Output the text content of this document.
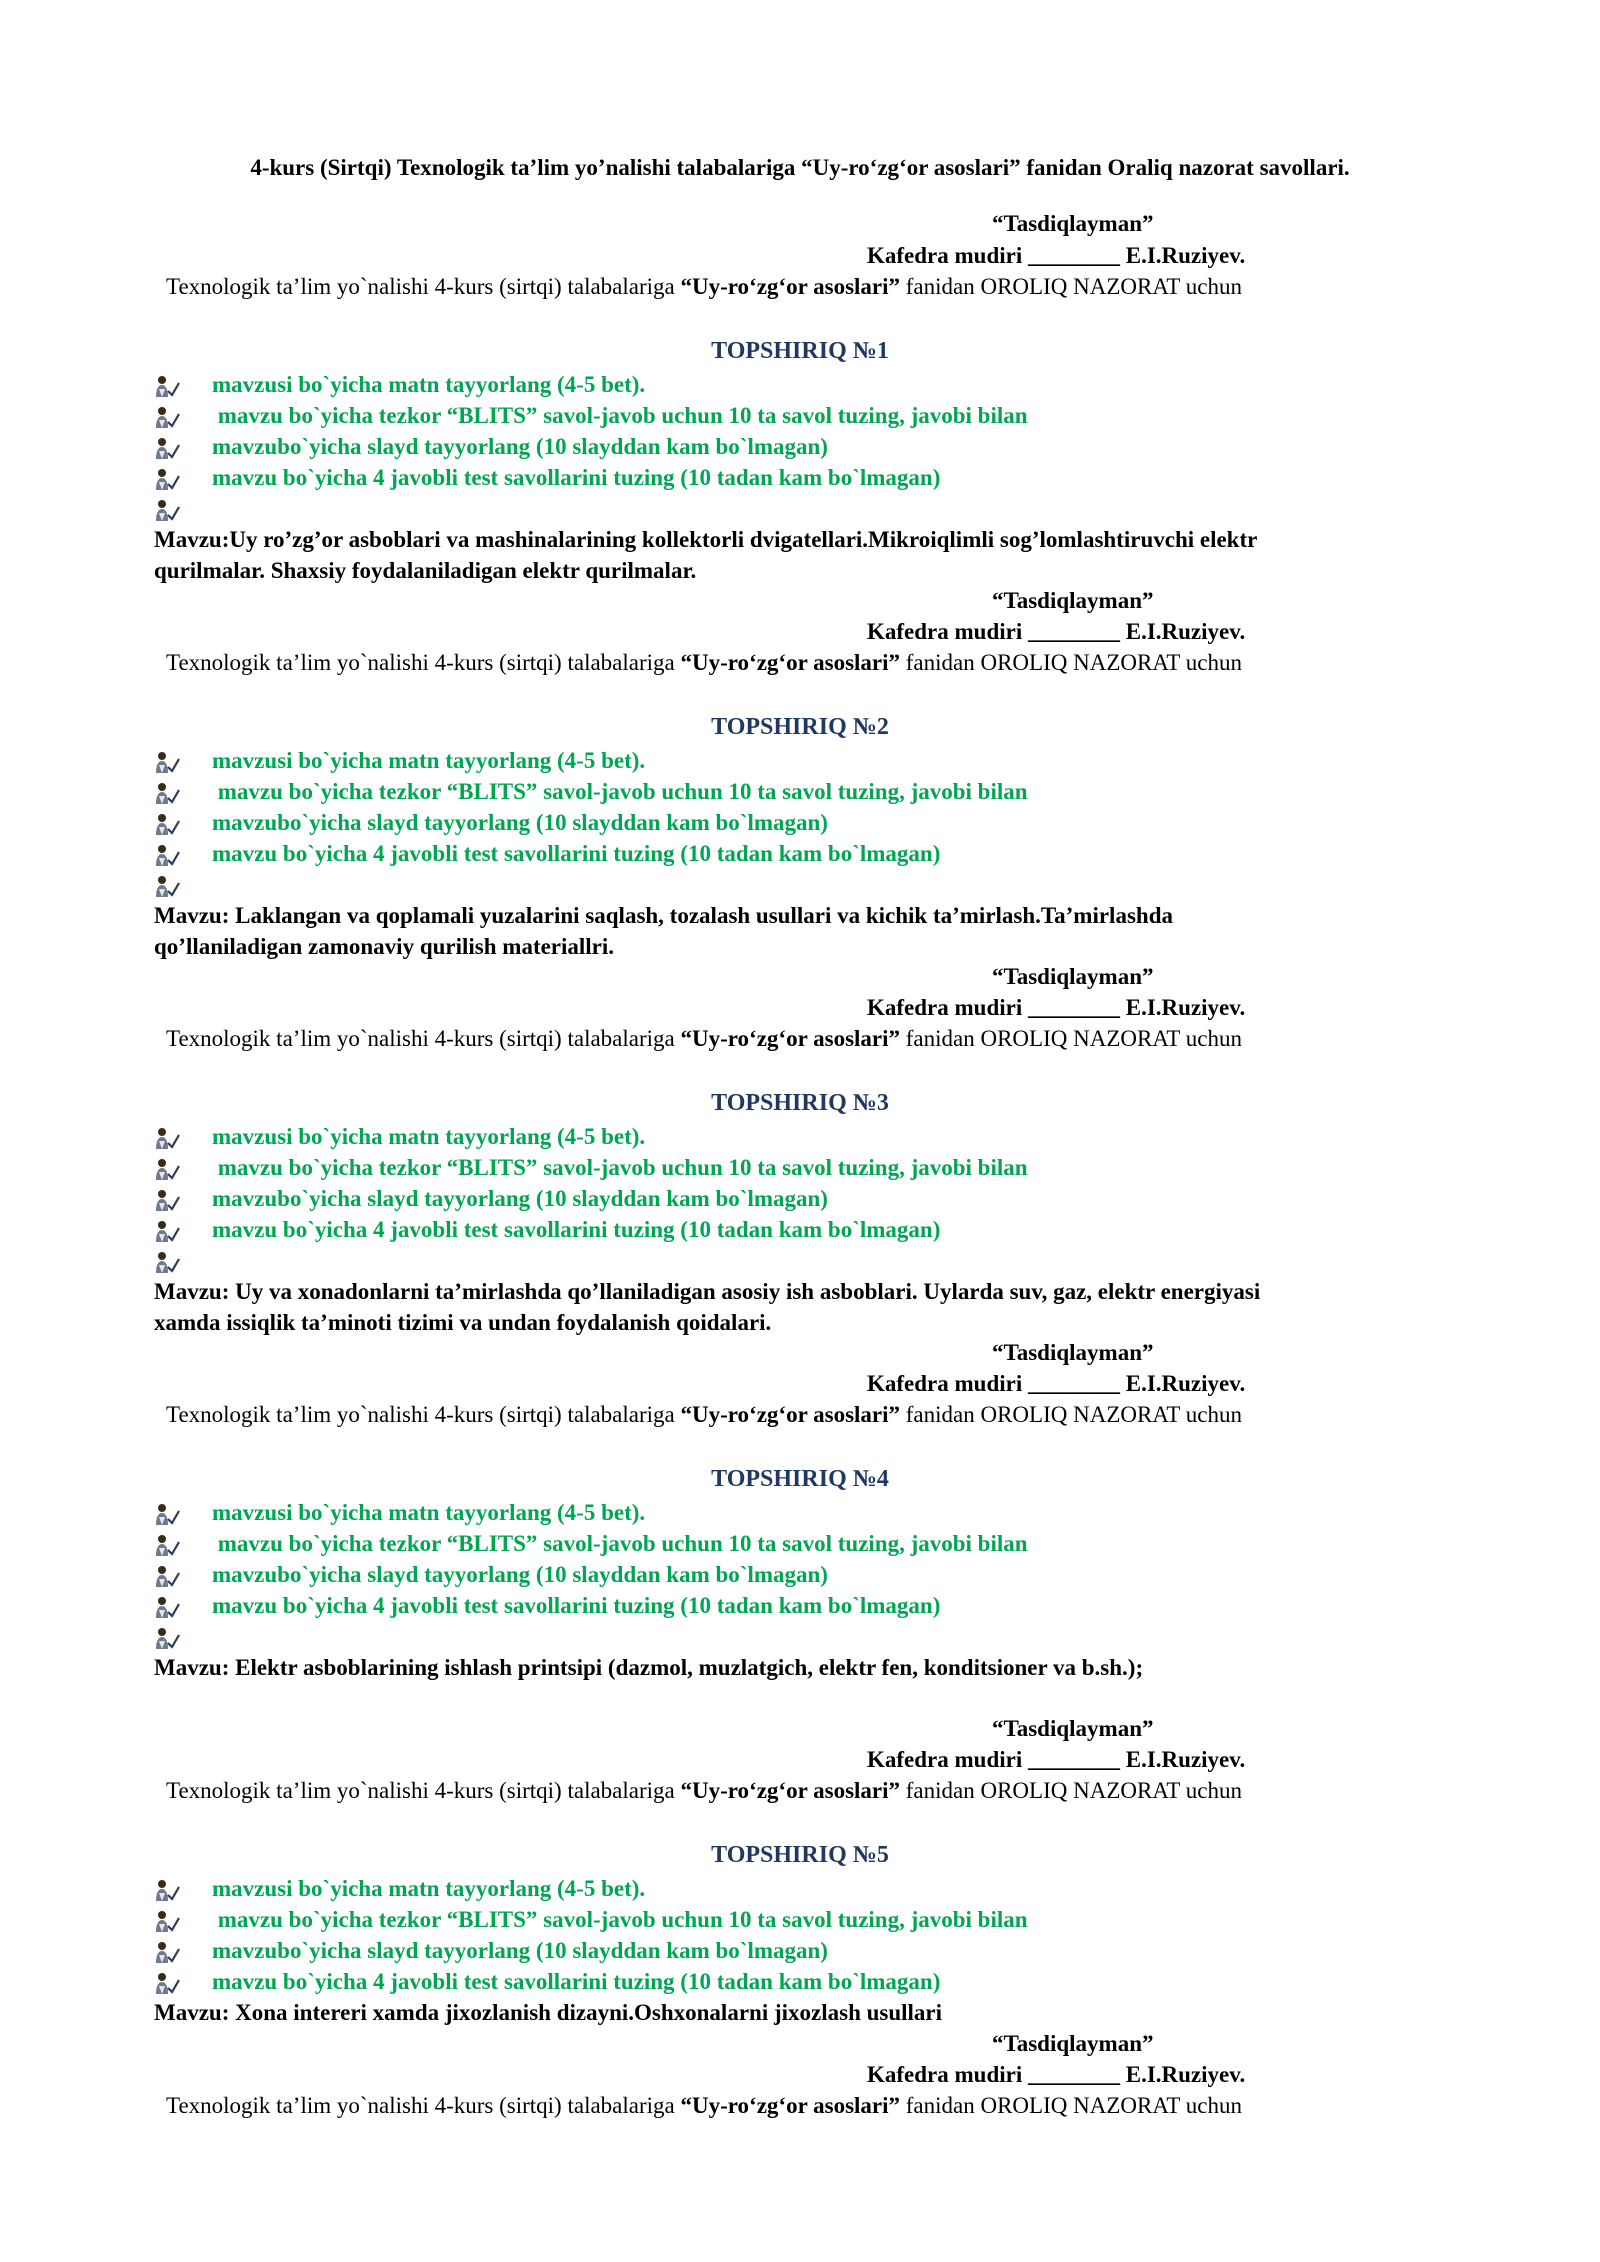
4-kurs (Sirtqi) Texnologik ta’lim yo’nalishi talabalariga “Uy-ro‘zg‘or asoslari” fanidan Oraliq nazorat savollari.
“Tasdiqlayman”
Kafedra mudiri ________ E.I.Ruziyev.
Texnologik ta’lim yo`nalishi 4-kurs (sirtqi) talabalariga “Uy-ro‘zg‘or asoslari” fanidan OROLIQ NAZORAT uchun
TOPSHIRIQ №1
mavzusi bo`yicha matn tayyorlang (4-5 bet).
mavzu bo`yicha tezkor “BLITS” savol-javob uchun 10 ta savol tuzing, javobi bilan
mavzubo`yicha slayd tayyorlang (10 slayddan kam bo`lmagan)
mavzu bo`yicha 4 javobli test savollarini tuzing (10 tadan kam bo`lmagan)
Mavzu:Uy ro’zg’or asboblari va mashinalarining kollektorli dvigatellari.Mikroiqlimli sog’lomlashtiruvchi elektr
qurilmalar. Shaxsiy foydalaniladigan elektr qurilmalar.
“Tasdiqlayman”
Kafedra mudiri ________ E.I.Ruziyev.
Texnologik ta’lim yo`nalishi 4-kurs (sirtqi) talabalariga “Uy-ro‘zg‘or asoslari” fanidan OROLIQ NAZORAT uchun
TOPSHIRIQ №2
mavzusi bo`yicha matn tayyorlang (4-5 bet).
mavzu bo`yicha tezkor “BLITS” savol-javob uchun 10 ta savol tuzing, javobi bilan
mavzubo`yicha slayd tayyorlang (10 slayddan kam bo`lmagan)
mavzu bo`yicha 4 javobli test savollarini tuzing (10 tadan kam bo`lmagan)
Mavzu: Laklangan va qoplamali yuzalarini saqlash, tozalash usullari va kichik ta’mirlash.Ta’mirlashda
qo’llaniladigan zamonaviy qurilish materiallri.
“Tasdiqlayman”
Kafedra mudiri ________ E.I.Ruziyev.
Texnologik ta’lim yo`nalishi 4-kurs (sirtqi) talabalariga “Uy-ro‘zg‘or asoslari” fanidan OROLIQ NAZORAT uchun
TOPSHIRIQ №3
mavzusi bo`yicha matn tayyorlang (4-5 bet).
mavzu bo`yicha tezkor “BLITS” savol-javob uchun 10 ta savol tuzing, javobi bilan
mavzubo`yicha slayd tayyorlang (10 slayddan kam bo`lmagan)
mavzu bo`yicha 4 javobli test savollarini tuzing (10 tadan kam bo`lmagan)
Mavzu: Uy va xonadonlarni ta’mirlashda qo’llaniladigan asosiy ish asboblari. Uylarda suv, gaz, elektr energiyasi
xamda issiqlik ta’minoti tizimi va undan foydalanish qoidalari.
“Tasdiqlayman”
Kafedra mudiri ________ E.I.Ruziyev.
Texnologik ta’lim yo`nalishi 4-kurs (sirtqi) talabalariga “Uy-ro‘zg‘or asoslari” fanidan OROLIQ NAZORAT uchun
TOPSHIRIQ №4
mavzusi bo`yicha matn tayyorlang (4-5 bet).
mavzu bo`yicha tezkor “BLITS” savol-javob uchun 10 ta savol tuzing, javobi bilan
mavzubo`yicha slayd tayyorlang (10 slayddan kam bo`lmagan)
mavzu bo`yicha 4 javobli test savollarini tuzing (10 tadan kam bo`lmagan)
Mavzu: Elektr asboblarining ishlash printsipi (dazmol, muzlatgich, elektr fen, konditsioner va b.sh.);
“Tasdiqlayman”
Kafedra mudiri ________ E.I.Ruziyev.
Texnologik ta’lim yo`nalishi 4-kurs (sirtqi) talabalariga “Uy-ro‘zg‘or asoslari” fanidan OROLIQ NAZORAT uchun
TOPSHIRIQ №5
mavzusi bo`yicha matn tayyorlang (4-5 bet).
mavzu bo`yicha tezkor “BLITS” savol-javob uchun 10 ta savol tuzing, javobi bilan
mavzubo`yicha slayd tayyorlang (10 slayddan kam bo`lmagan)
mavzu bo`yicha 4 javobli test savollarini tuzing (10 tadan kam bo`lmagan)
Mavzu: Xona intereri xamda jixozlanish dizayni.Oshxonalarni jixozlash usullari
“Tasdiqlayman”
Kafedra mudiri ________ E.I.Ruziyev.
Texnologik ta’lim yo`nalishi 4-kurs (sirtqi) talabalariga “Uy-ro‘zg‘or asoslari” fanidan OROLIQ NAZORAT uchun
